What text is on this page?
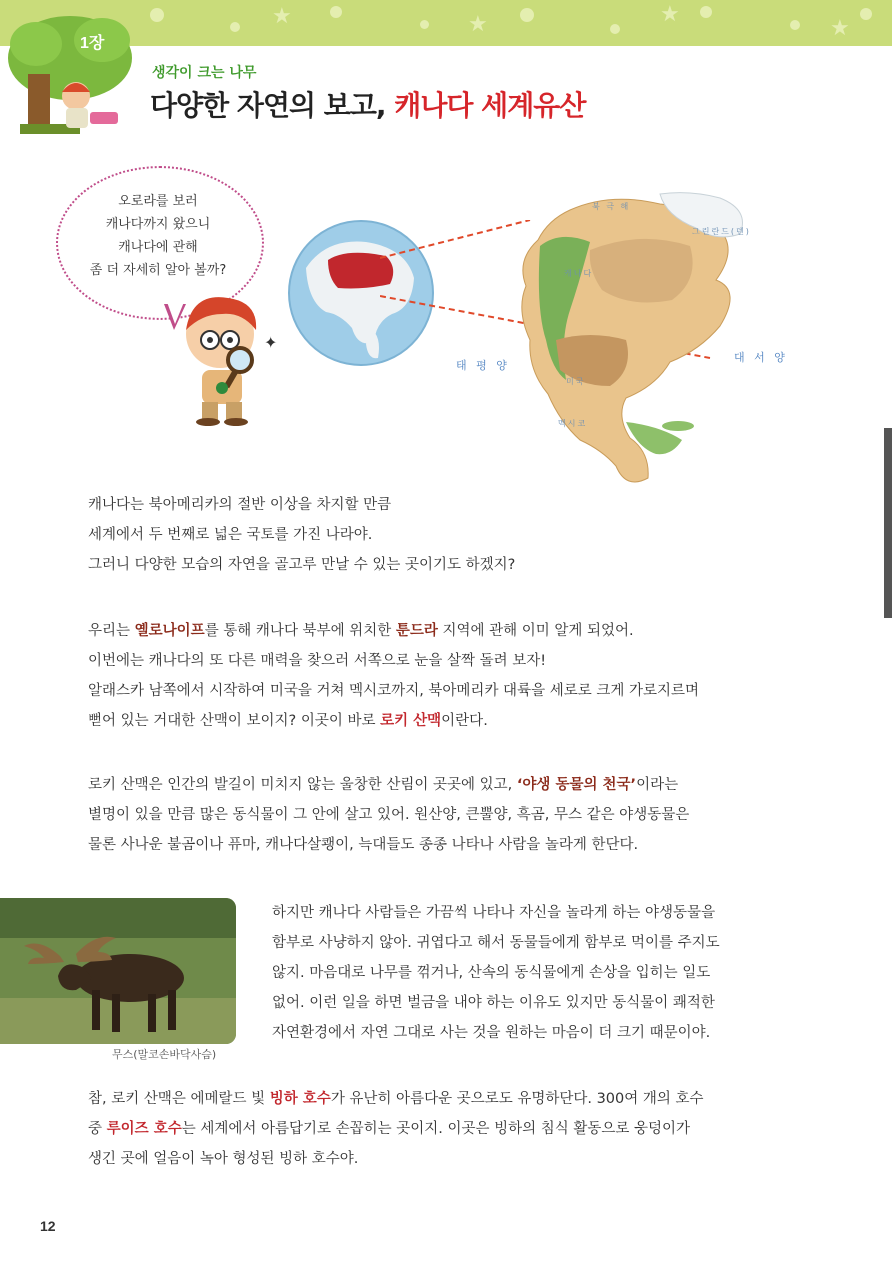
★	★	★
★
1장
생각이 크는 나무
다양한 자연의 보고, 캐나다 세계유산
오로라를 보러
캐나다까지 왔으니
캐나다에 관해
좀 더 자세히 알아 볼까?
✦
북 극 해
태 평 양
대 서 양
그린란드(덴)
캐나다
미국
멕시코
캐나다는 북아메리카의 절반 이상을 차지할 만큼
세계에서 두 번째로 넓은 국토를 가진 나라야.
그러니 다양한 모습의 자연을 골고루 만날 수 있는 곳이기도 하겠지?
우리는 옐로나이프를 통해 캐나다 북부에 위치한 툰드라 지역에 관해 이미 알게 되었어.
이번에는 캐나다의 또 다른 매력을 찾으러 서쪽으로 눈을 살짝 돌려 보자!
알래스카 남쪽에서 시작하여 미국을 거쳐 멕시코까지, 북아메리카 대륙을 세로로 크게 가로지르며
뻗어 있는 거대한 산맥이 보이지? 이곳이 바로 로키 산맥이란다.
로키 산맥은 인간의 발길이 미치지 않는 울창한 산림이 곳곳에 있고, ‘야생 동물의 천국’이라는
별명이 있을 만큼 많은 동식물이 그 안에 살고 있어. 원산양, 큰뿔양, 흑곰, 무스 같은 야생동물은
물론 사나운 불곰이나 퓨마, 캐나다살쾡이, 늑대들도 종종 나타나 사람을 놀라게 한단다.
무스(말코손바닥사슴)
하지만 캐나다 사람들은 가끔씩 나타나 자신을 놀라게 하는 야생동물을
함부로 사냥하지 않아. 귀엽다고 해서 동물들에게 함부로 먹이를 주지도
않지. 마음대로 나무를 꺾거나, 산속의 동식물에게 손상을 입히는 일도
없어. 이런 일을 하면 벌금을 내야 하는 이유도 있지만 동식물이 쾌적한
자연환경에서 자연 그대로 사는 것을 원하는 마음이 더 크기 때문이야.
참, 로키 산맥은 에메랄드 빛 빙하 호수가 유난히 아름다운 곳으로도 유명하단다. 300여 개의 호수
중 루이즈 호수는 세계에서 아름답기로 손꼽히는 곳이지. 이곳은 빙하의 침식 활동으로 웅덩이가
생긴 곳에 얼음이 녹아 형성된 빙하 호수야.
12
